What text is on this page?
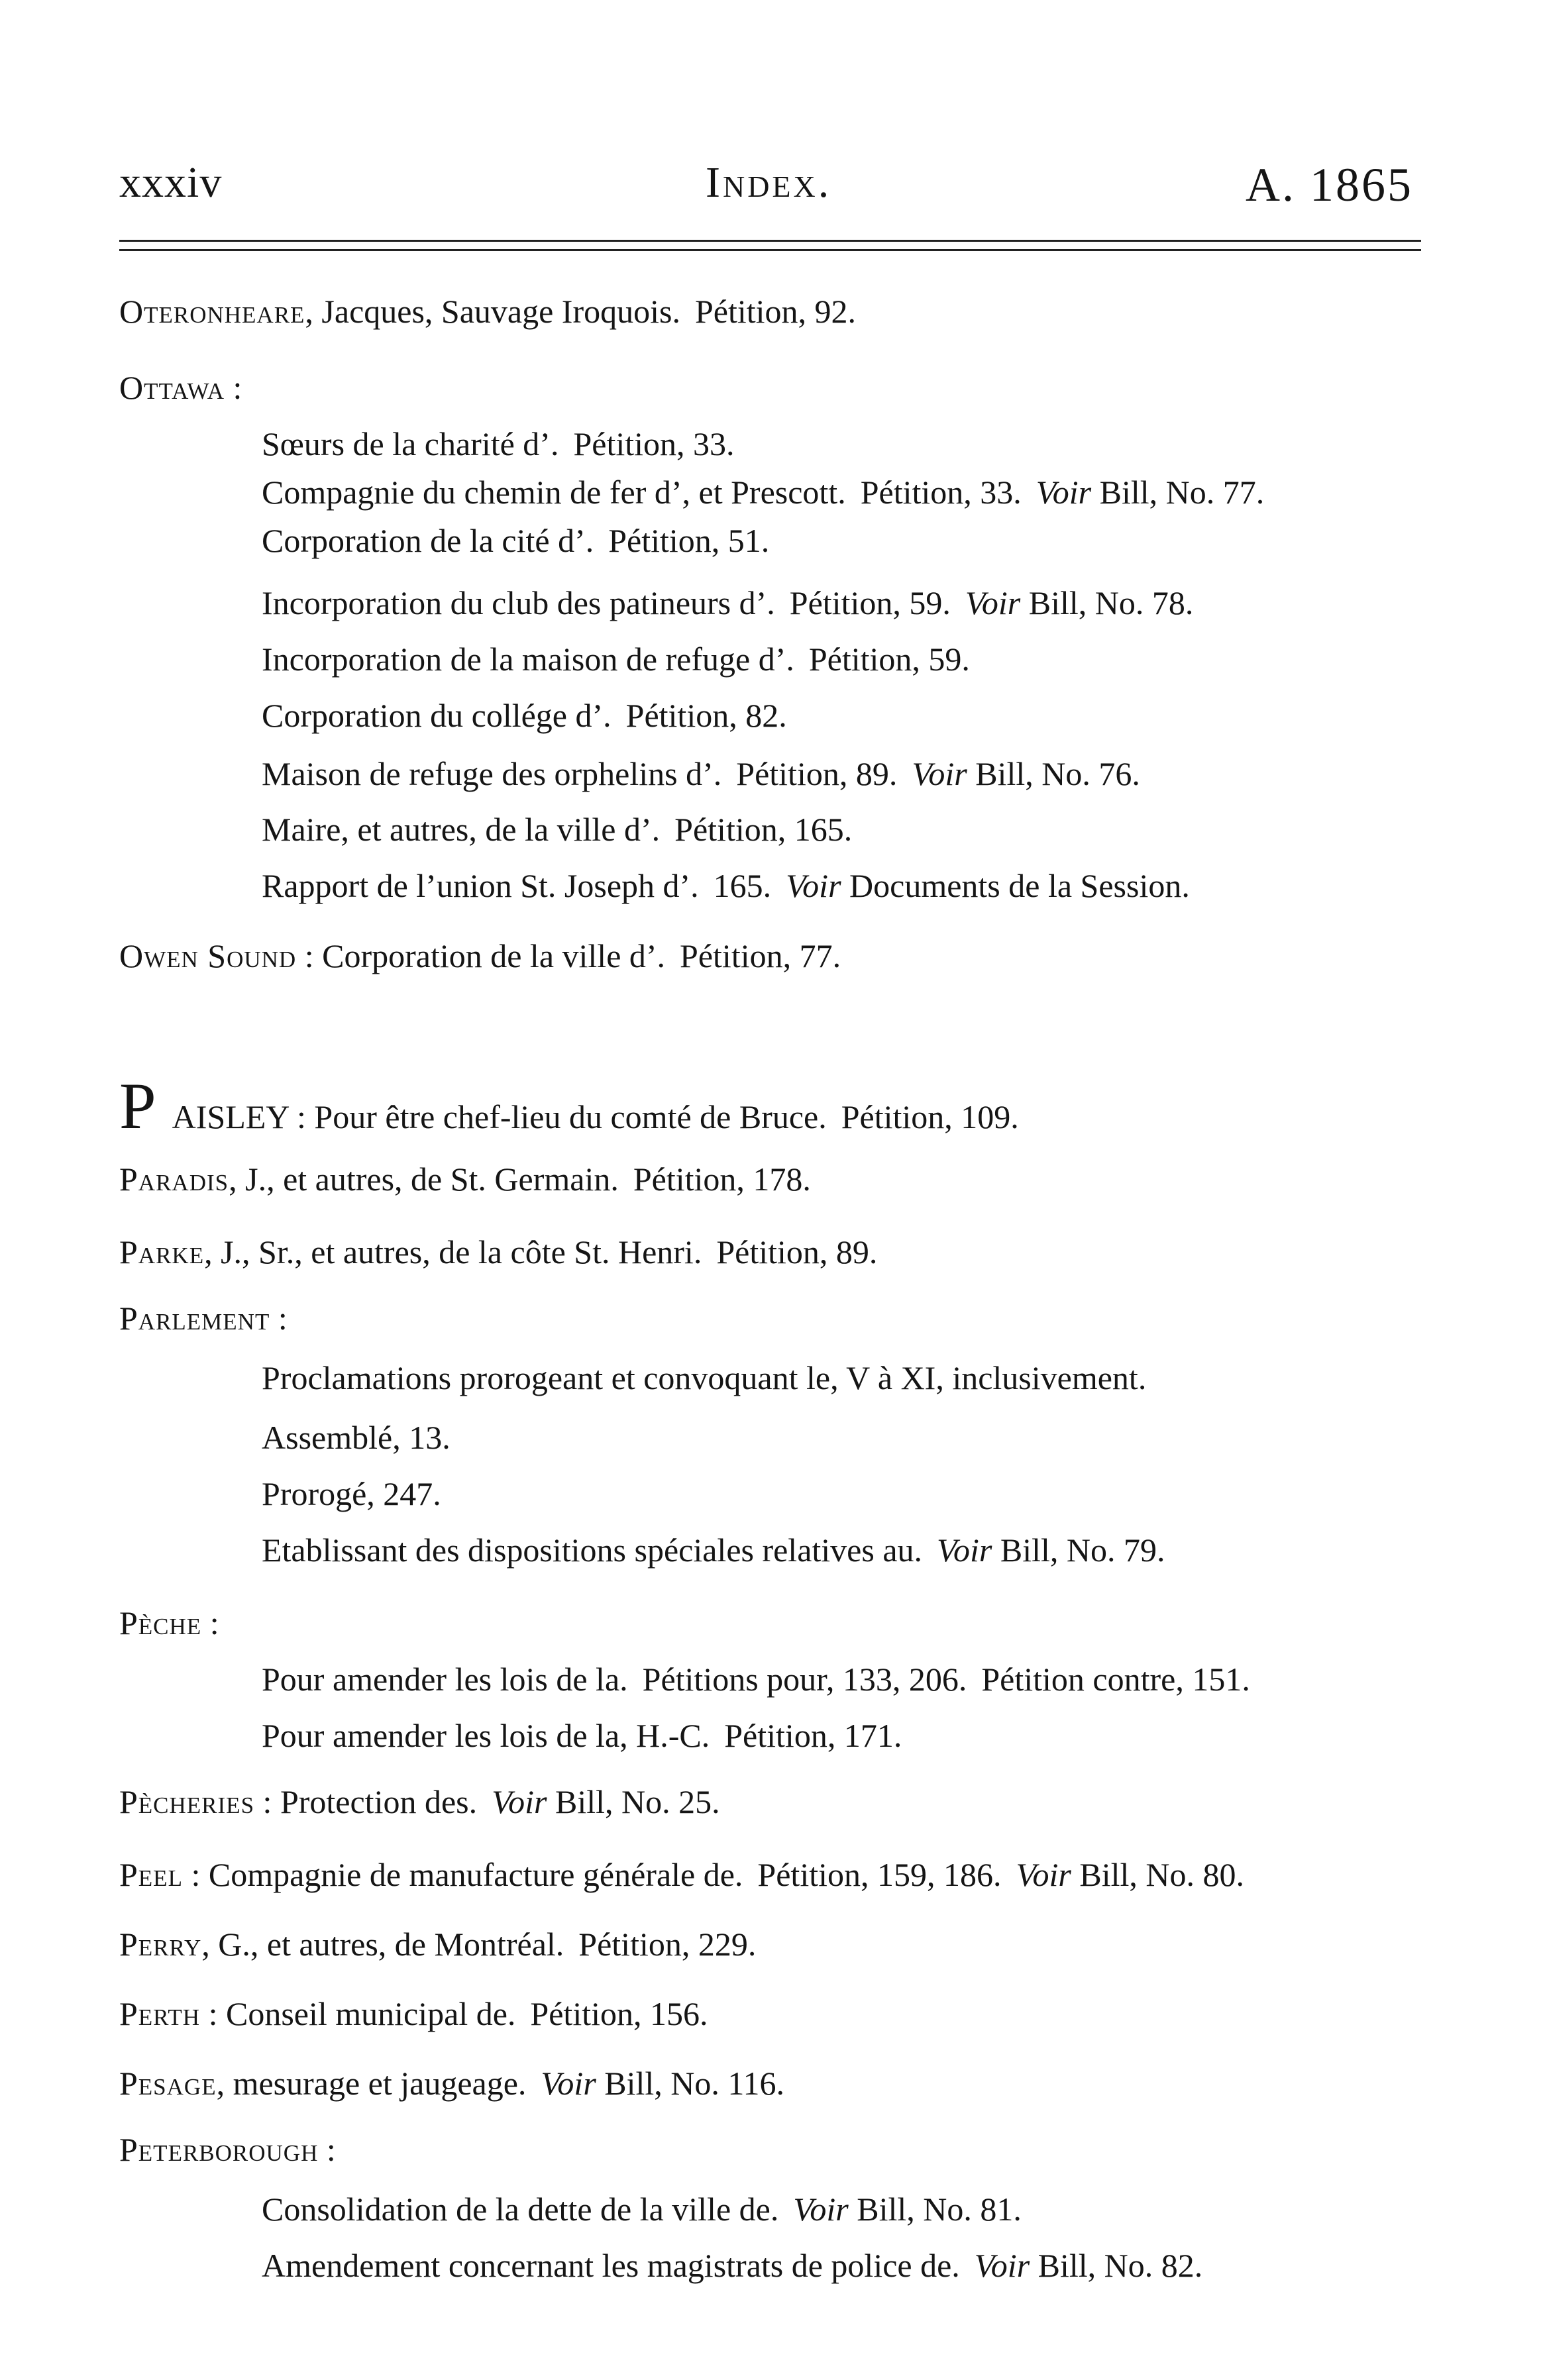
xxxiv	Index.	A. 1865
Oteronheare, Jacques, Sauvage Iroquois. Pétition, 92.
Ottawa :
Sœurs de la charité d’. Pétition, 33.
Compagnie du chemin de fer d’, et Prescott. Pétition, 33. Voir Bill, No. 77.
Corporation de la cité d’. Pétition, 51.
Incorporation du club des patineurs d’. Pétition, 59. Voir Bill, No. 78.
Incorporation de la maison de refuge d’. Pétition, 59.
Corporation du collége d’. Pétition, 82.
Maison de refuge des orphelins d’. Pétition, 89. Voir Bill, No. 76.
Maire, et autres, de la ville d’. Pétition, 165.
Rapport de l’union St. Joseph d’. 165. Voir Documents de la Session.
Owen Sound : Corporation de la ville d’. Pétition, 77.
PAISLEY : Pour être chef-lieu du comté de Bruce. Pétition, 109.
Paradis, J., et autres, de St. Germain. Pétition, 178.
Parke, J., Sr., et autres, de la côte St. Henri. Pétition, 89.
Parlement :
Proclamations prorogeant et convoquant le, V à XI, inclusivement.
Assemblé, 13.
Prorogé, 247.
Etablissant des dispositions spéciales relatives au. Voir Bill, No. 79.
Pèche :
Pour amender les lois de la. Pétitions pour, 133, 206. Pétition contre, 151.
Pour amender les lois de la, H.-C. Pétition, 171.
Pècheries : Protection des. Voir Bill, No. 25.
Peel : Compagnie de manufacture générale de. Pétition, 159, 186. Voir Bill, No. 80.
Perry, G., et autres, de Montréal. Pétition, 229.
Perth : Conseil municipal de. Pétition, 156.
Pesage, mesurage et jaugeage. Voir Bill, No. 116.
Peterborough :
Consolidation de la dette de la ville de. Voir Bill, No. 81.
Amendement concernant les magistrats de police de. Voir Bill, No. 82.
